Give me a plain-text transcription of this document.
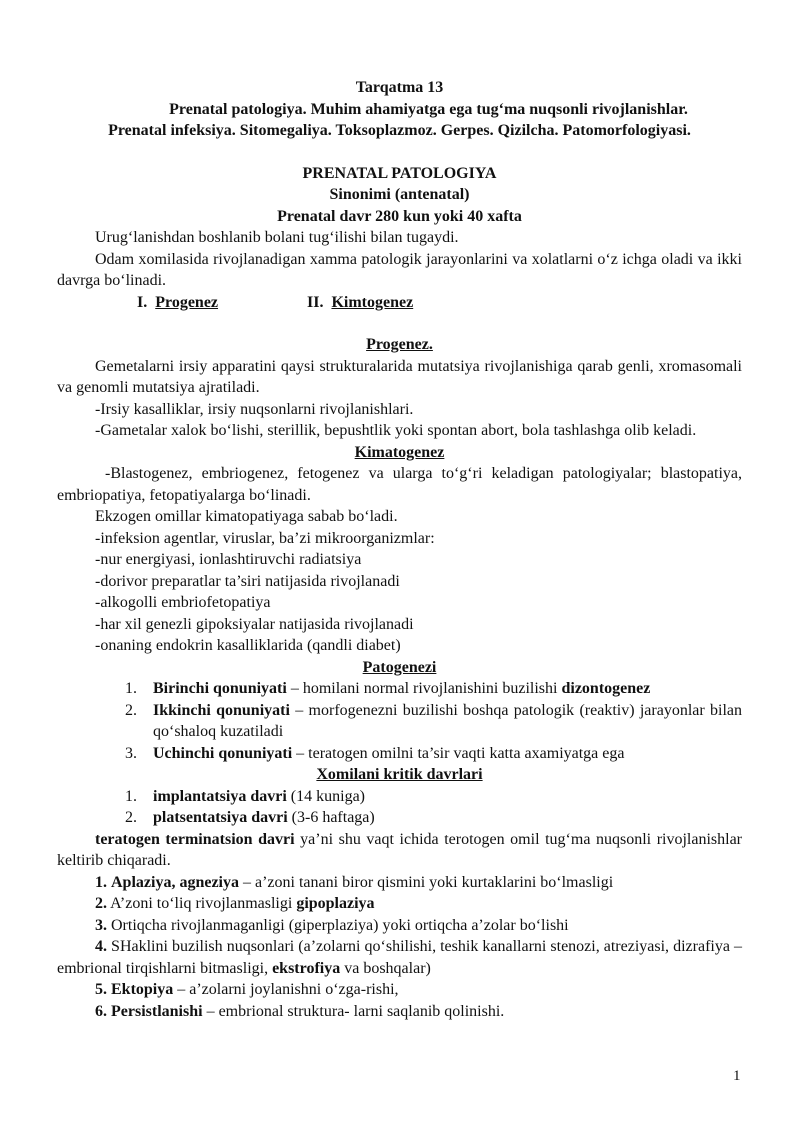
Tarqatma 13

Prenatal patologiya. Muhim ahamiyatga ega tug‘ma nuqsonli rivojlanishlar.

Prenatal infeksiya. Sitomegaliya. Toksoplazmoz. Gerpes. Qizilcha. Patomorfologiyasi.

PRENATAL PATOLOGIYA

Sinonimi (antenatal)

Prenatal davr 280 kun yoki 40 xafta

Urug‘lanishdan boshlanib bolani tug‘ilishi bilan tugaydi.

Odam xomilasida rivojlanadigan xamma patologik jarayonlarini va xolatlarni o‘z ichga oladi va ikki davrga bo‘linadi.

I. Progenez	II. Kimtogenez

Progenez.

Gemetalarni irsiy apparatini qaysi strukturalarida mutatsiya rivojlanishiga qarab genli, xromasomali va genomli mutatsiya ajratiladi.

-Irsiy kasalliklar, irsiy nuqsonlarni rivojlanishlari.

-Gametalar xalok bo‘lishi, sterillik, bepushtlik yoki spontan abort, bola tashlashga olib keladi.

Kimatogenez

-Blastogenez, embriogenez, fetogenez va ularga to‘g‘ri keladigan patologiyalar; blastopatiya, embriopatiya, fetopatiyalarga bo‘linadi.

Ekzogen omillar kimatopatiyaga sabab bo‘ladi.

-infeksion agentlar, viruslar, ba’zi mikroorganizmlar:

-nur energiyasi, ionlashtiruvchi radiatsiya

-dorivor preparatlar ta’siri natijasida rivojlanadi

-alkogolli embriofetopatiya

-har xil genezli gipoksiyalar natijasida rivojlanadi

-onaning endokrin kasalliklarida (qandli diabet)

Patogenezi

1.	Birinchi qonuniyati – homilani normal rivojlanishini buzilishi dizontogenez
2.	Ikkinchi qonuniyati – morfogenezni buzilishi boshqa patologik (reaktiv) jarayonlar bilan qo‘shaloq kuzatiladi
3.	Uchinchi qonuniyati – teratogen omilni ta’sir vaqti katta axamiyatga ega

Xomilani kritik davrlari

1.	implantatsiya davri (14 kuniga)
2.	platsentatsiya davri (3-6 haftaga)

teratogen terminatsion davri ya’ni shu vaqt ichida terotogen omil tug‘ma nuqsonli rivojlanishlar keltirib chiqaradi.

1. Aplaziya, agneziya – a’zoni tanani biror qismini yoki kurtaklarini bo‘lmasligi

2. A’zoni to‘liq rivojlanmasligi gipoplaziya

3. Ortiqcha rivojlanmaganligi (giperplaziya) yoki ortiqcha a’zolar bo‘lishi

4. SHaklini buzilish nuqsonlari (a’zolarni qo‘shilishi, teshik kanallarni stenozi, atreziyasi, dizrafiya – embrional tirqishlarni bitmasligi, ekstrofiya va boshqalar)

5. Ektopiya – a’zolarni joylanishni o‘zga-rishi,

6. Persistlanishi – embrional struktura- larni saqlanib qolinishi.

1
